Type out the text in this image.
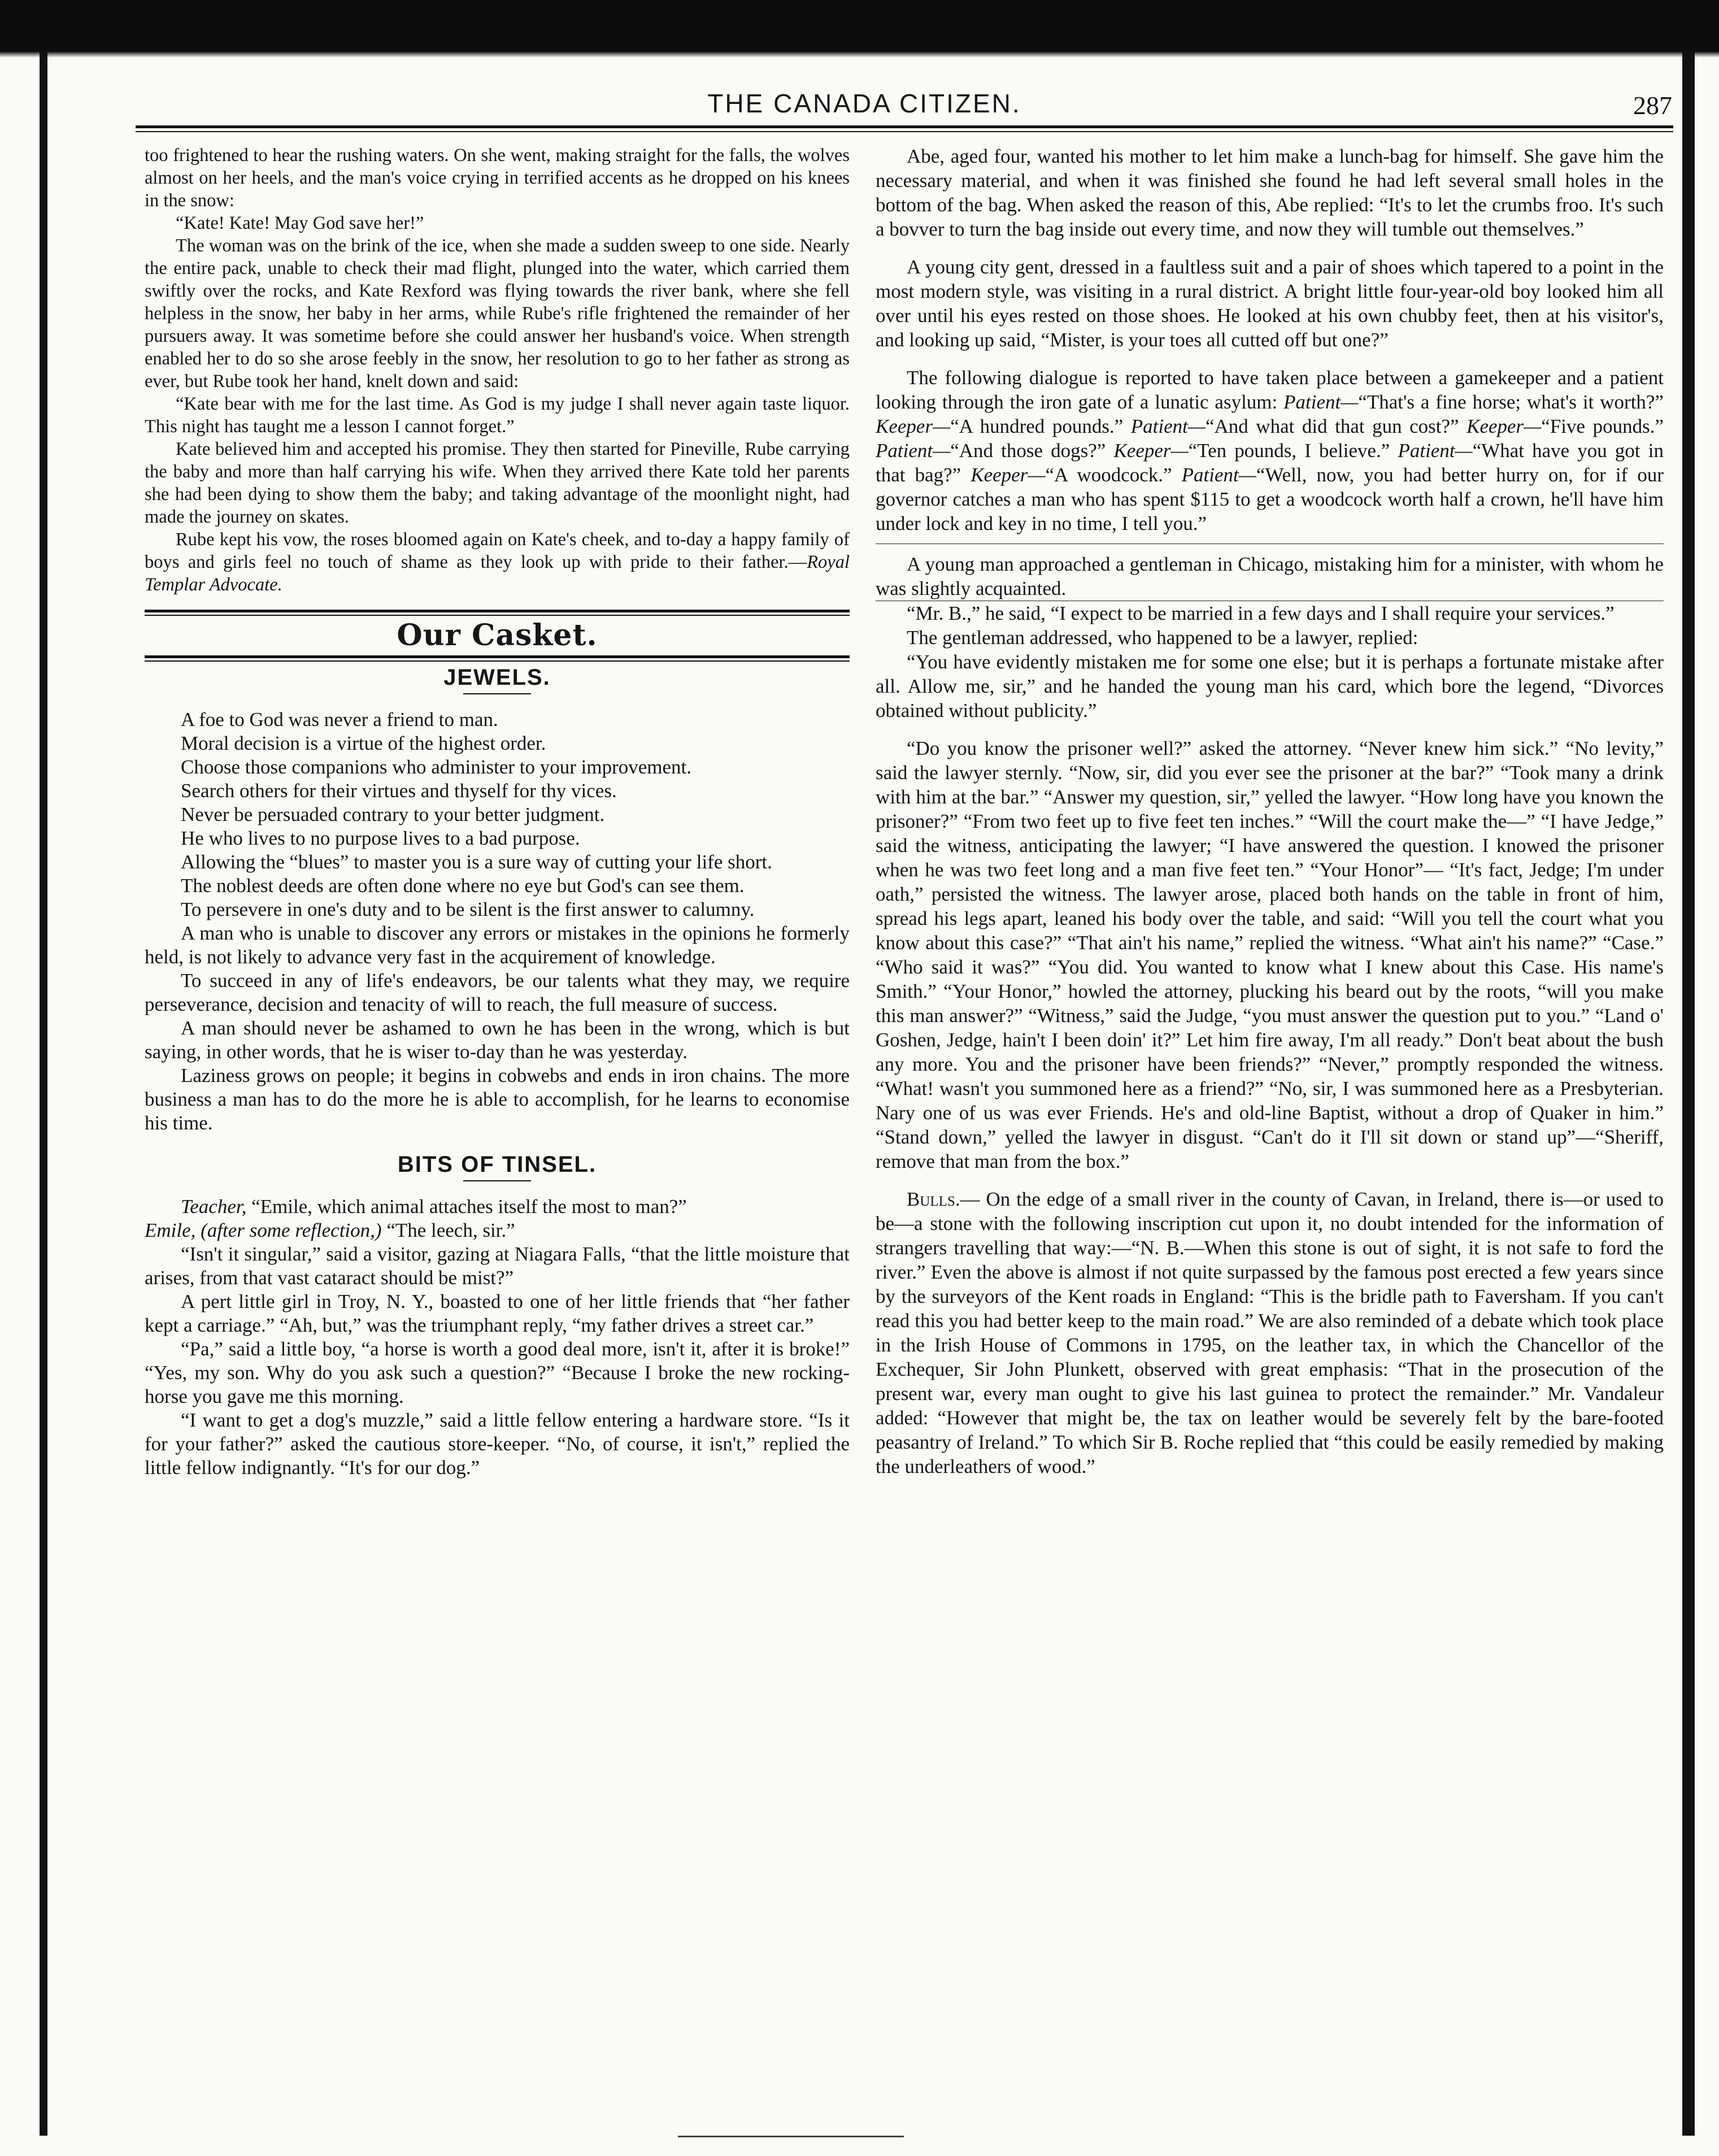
THE CANADA CITIZEN.	287

too frightened to hear the rushing waters. On she went, making straight for the falls, the wolves almost on her heels, and the man's voice crying in terrified accents as he dropped on his knees in the snow:

“Kate! Kate! May God save her!”

The woman was on the brink of the ice, when she made a sudden sweep to one side. Nearly the entire pack, unable to check their mad flight, plunged into the water, which carried them swiftly over the rocks, and Kate Rexford was flying towards the river bank, where she fell helpless in the snow, her baby in her arms, while Rube's rifle frightened the remainder of her pursuers away. It was sometime before she could answer her husband's voice. When strength enabled her to do so she arose feebly in the snow, her resolution to go to her father as strong as ever, but Rube took her hand, knelt down and said:

“Kate bear with me for the last time. As God is my judge I shall never again taste liquor. This night has taught me a lesson I cannot forget.”

Kate believed him and accepted his promise. They then started for Pineville, Rube carrying the baby and more than half carrying his wife. When they arrived there Kate told her parents she had been dying to show them the baby; and taking advantage of the moonlight night, had made the journey on skates.

Rube kept his vow, the roses bloomed again on Kate's cheek, and to-day a happy family of boys and girls feel no touch of shame as they look up with pride to their father.—Royal Templar Advocate.

Our Casket.
JEWELS.

A foe to God was never a friend to man.

Moral decision is a virtue of the highest order.

Choose those companions who administer to your improvement.

Search others for their virtues and thyself for thy vices.

Never be persuaded contrary to your better judgment.

He who lives to no purpose lives to a bad purpose.

Allowing the “blues” to master you is a sure way of cutting your life short.

The noblest deeds are often done where no eye but God's can see them.

To persevere in one's duty and to be silent is the first answer to calumny.

A man who is unable to discover any errors or mistakes in the opinions he formerly held, is not likely to advance very fast in the acquirement of knowledge.

To succeed in any of life's endeavors, be our talents what they may, we require perseverance, decision and tenacity of will to reach, the full measure of success.

A man should never be ashamed to own he has been in the wrong, which is but saying, in other words, that he is wiser to-day than he was yesterday.

Laziness grows on people; it begins in cobwebs and ends in iron chains. The more business a man has to do the more he is able to accomplish, for he learns to economise his time.

BITS OF TINSEL.

Teacher, “Emile, which animal attaches itself the most to man?”
Emile, (after some reflection,) “The leech, sir.”

“Isn't it singular,” said a visitor, gazing at Niagara Falls, “that the little moisture that arises, from that vast cataract should be mist?”

A pert little girl in Troy, N. Y., boasted to one of her little friends that “her father kept a carriage.” “Ah, but,” was the triumphant reply, “my father drives a street car.”

“Pa,” said a little boy, “a horse is worth a good deal more, isn't it, after it is broke!” “Yes, my son. Why do you ask such a question?” “Because I broke the new rocking-horse you gave me this morning.

“I want to get a dog's muzzle,” said a little fellow entering a hardware store. “Is it for your father?” asked the cautious store-keeper. “No, of course, it isn't,” replied the little fellow indignantly. “It's for our dog.”

Abe, aged four, wanted his mother to let him make a lunch-bag for himself. She gave him the necessary material, and when it was finished she found he had left several small holes in the bottom of the bag. When asked the reason of this, Abe replied: “It's to let the crumbs froo. It's such a bovver to turn the bag inside out every time, and now they will tumble out themselves.”

A young city gent, dressed in a faultless suit and a pair of shoes which tapered to a point in the most modern style, was visiting in a rural district. A bright little four-year-old boy looked him all over until his eyes rested on those shoes. He looked at his own chubby feet, then at his visitor's, and looking up said, “Mister, is your toes all cutted off but one?”

The following dialogue is reported to have taken place between a gamekeeper and a patient looking through the iron gate of a lunatic asylum: Patient—“That's a fine horse; what's it worth?” Keeper—“A hundred pounds.” Patient—“And what did that gun cost?” Keeper—“Five pounds.” Patient—“And those dogs?” Keeper—“Ten pounds, I believe.” Patient—“What have you got in that bag?” Keeper—“A woodcock.” Patient—“Well, now, you had better hurry on, for if our governor catches a man who has spent $115 to get a woodcock worth half a crown, he'll have him under lock and key in no time, I tell you.”

A young man approached a gentleman in Chicago, mistaking him for a minister, with whom he was slightly acquainted.

“Mr. B.,” he said, “I expect to be married in a few days and I shall require your services.”

The gentleman addressed, who happened to be a lawyer, replied:

“You have evidently mistaken me for some one else; but it is perhaps a fortunate mistake after all. Allow me, sir,” and he handed the young man his card, which bore the legend, “Divorces obtained without publicity.”

“Do you know the prisoner well?” asked the attorney. “Never knew him sick.” “No levity,” said the lawyer sternly. “Now, sir, did you ever see the prisoner at the bar?” “Took many a drink with him at the bar.” “Answer my question, sir,” yelled the lawyer. “How long have you known the prisoner?” “From two feet up to five feet ten inches.” “Will the court make the—” “I have Jedge,” said the witness, anticipating the lawyer; “I have answered the question. I knowed the prisoner when he was two feet long and a man five feet ten.” “Your Honor”— “It's fact, Jedge; I'm under oath,” persisted the witness. The lawyer arose, placed both hands on the table in front of him, spread his legs apart, leaned his body over the table, and said: “Will you tell the court what you know about this case?” “That ain't his name,” replied the witness. “What ain't his name?” “Case.” “Who said it was?” “You did. You wanted to know what I knew about this Case. His name's Smith.” “Your Honor,” howled the attorney, plucking his beard out by the roots, “will you make this man answer?” “Witness,” said the Judge, “you must answer the question put to you.” “Land o' Goshen, Jedge, hain't I been doin' it?” Let him fire away, I'm all ready.” Don't beat about the bush any more. You and the prisoner have been friends?” “Never,” promptly responded the witness. “What! wasn't you summoned here as a friend?” “No, sir, I was summoned here as a Presbyterian. Nary one of us was ever Friends. He's and old-line Baptist, without a drop of Quaker in him.” “Stand down,” yelled the lawyer in disgust. “Can't do it I'll sit down or stand up”—“Sheriff, remove that man from the box.”

Bulls.— On the edge of a small river in the county of Cavan, in Ireland, there is—or used to be—a stone with the following inscription cut upon it, no doubt intended for the information of strangers travelling that way:—“N. B.—When this stone is out of sight, it is not safe to ford the river.” Even the above is almost if not quite surpassed by the famous post erected a few years since by the surveyors of the Kent roads in England: “This is the bridle path to Faversham. If you can't read this you had better keep to the main road.” We are also reminded of a debate which took place in the Irish House of Commons in 1795, on the leather tax, in which the Chancellor of the Exchequer, Sir John Plunkett, observed with great emphasis: “That in the prosecution of the present war, every man ought to give his last guinea to protect the remainder.” Mr. Vandaleur added: “However that might be, the tax on leather would be severely felt by the bare-footed peasantry of Ireland.” To which Sir B. Roche replied that “this could be easily remedied by making the underleathers of wood.”
